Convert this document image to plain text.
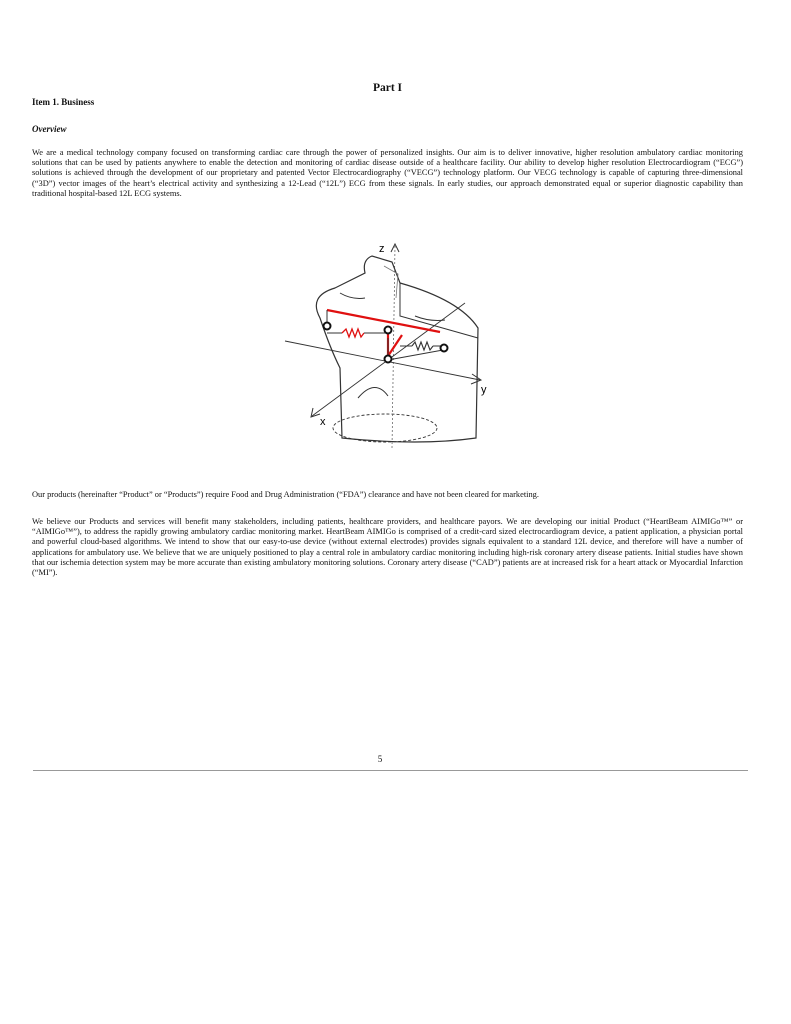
Part I
Item 1. Business
Overview

We are a medical technology company focused on transforming cardiac care through the power of personalized insights. Our aim is to deliver innovative, higher resolution ambulatory cardiac monitoring solutions that can be used by patients anywhere to enable the detection and monitoring of cardiac disease outside of a healthcare facility. Our ability to develop higher resolution Electrocardiogram (“ECG”) solutions is achieved through the development of our proprietary and patented Vector Electrocardiography (“VECG”) technology platform. Our VECG technology is capable of capturing three-dimensional (“3D”) vector images of the heart’s electrical activity and synthesizing a 12-Lead (“12L”) ECG from these signals. In early studies, our approach demonstrated equal or superior diagnostic capability than traditional hospital-based 12L ECG systems.

z
y
x

Our products (hereinafter “Product” or “Products”) require Food and Drug Administration (“FDA”) clearance and have not been cleared for marketing.

We believe our Products and services will benefit many stakeholders, including patients, healthcare providers, and healthcare payors. We are developing our initial Product (“HeartBeam AIMIGo™” or “AIMIGo™”), to address the rapidly growing ambulatory cardiac monitoring market. HeartBeam AIMIGo is comprised of a credit-card sized electrocardiogram device, a patient application, a physician portal and powerful cloud-based algorithms. We intend to show that our easy-to-use device (without external electrodes) provides signals equivalent to a standard 12L device, and therefore will have a number of applications for ambulatory use. We believe that we are uniquely positioned to play a central role in ambulatory cardiac monitoring including high-risk coronary artery disease patients. Initial studies have shown that our ischemia detection system may be more accurate than existing ambulatory monitoring solutions. Coronary artery disease (“CAD”) patients are at increased risk for a heart attack or Myocardial Infarction (“MI”).

5
